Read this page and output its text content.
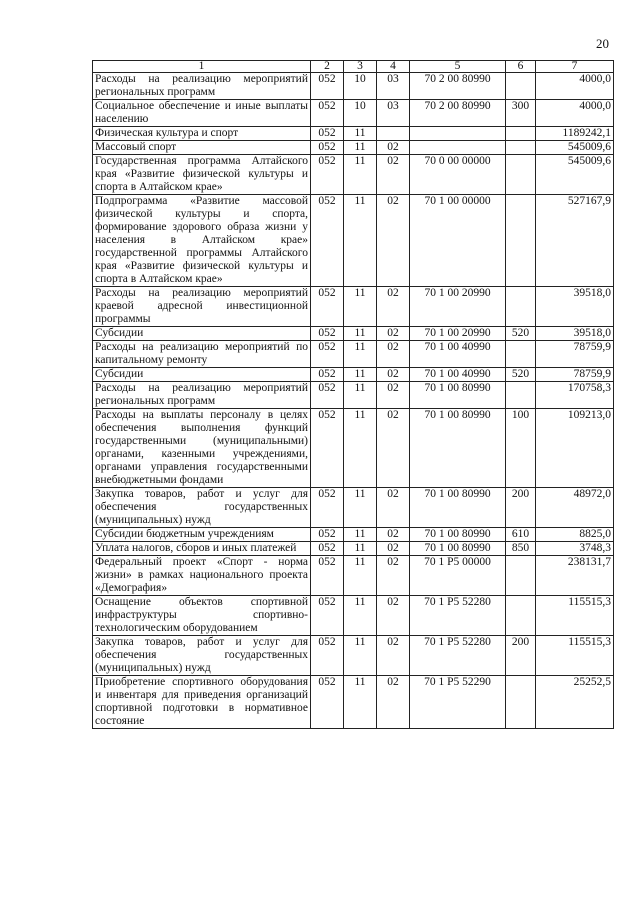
20
1	2	3	4	5	6	7
Расходы на реализацию мероприятий региональных программ	052	10	03	70 2 00 80990		4000,0
Социальное обеспечение и иные выплаты населению	052	10	03	70 2 00 80990	300	4000,0
Физическая культура и спорт	052	11				1189242,1
Массовый спорт	052	11	02			545009,6
Государственная программа Алтайского края «Развитие физической культуры и спорта в Алтайском крае»	052	11	02	70 0 00 00000		545009,6
Подпрограмма «Развитие массовой физической культуры и спорта, формирование здорового образа жизни у населения в Алтайском крае» государственной программы Алтайского края «Развитие физической культуры и спорта в Алтайском крае»	052	11	02	70 1 00 00000		527167,9
Расходы на реализацию мероприятий краевой адресной инвестиционной программы	052	11	02	70 1 00 20990		39518,0
Субсидии	052	11	02	70 1 00 20990	520	39518,0
Расходы на реализацию мероприятий по капитальному ремонту	052	11	02	70 1 00 40990		78759,9
Субсидии	052	11	02	70 1 00 40990	520	78759,9
Расходы на реализацию мероприятий региональных программ	052	11	02	70 1 00 80990		170758,3
Расходы на выплаты персоналу в целях обеспечения выполнения функций государственными (муниципальными) органами, казенными учреждениями, органами управления государственными внебюджетными фондами	052	11	02	70 1 00 80990	100	109213,0
Закупка товаров, работ и услуг для обеспечения государственных (муниципальных) нужд	052	11	02	70 1 00 80990	200	48972,0
Субсидии бюджетным учреждениям	052	11	02	70 1 00 80990	610	8825,0
Уплата налогов, сборов и иных платежей	052	11	02	70 1 00 80990	850	3748,3
Федеральный проект «Спорт - норма жизни» в рамках национального проекта «Демография»	052	11	02	70 1 Р5 00000		238131,7
Оснащение объектов спортивной инфраструктуры спортивно-технологическим оборудованием	052	11	02	70 1 Р5 52280		115515,3
Закупка товаров, работ и услуг для обеспечения государственных (муниципальных) нужд	052	11	02	70 1 Р5 52280	200	115515,3
Приобретение спортивного оборудования и инвентаря для приведения организаций спортивной подготовки в нормативное состояние	052	11	02	70 1 Р5 52290		25252,5
